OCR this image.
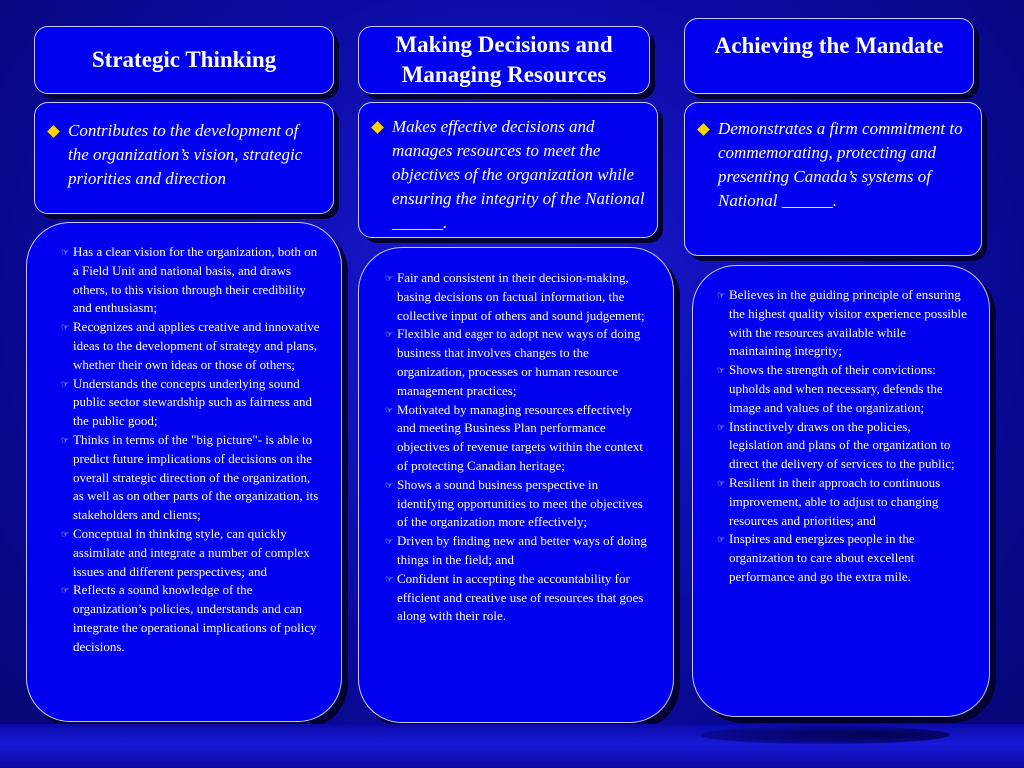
Strategic Thinking
Contributes to the development of the organization’s vision, strategic priorities and direction
☞ Has a clear vision for the organization, both on a Field Unit and national basis, and draws others, to this vision through their credibility and enthusiasm;
☞ Recognizes and applies creative and innovative ideas to the development of strategy and plans, whether their own ideas or those of others;
☞ Understands the concepts underlying sound public sector stewardship such as fairness and the public good;
☞ Thinks in terms of the "big picture"- is able to predict future implications of decisions on the overall strategic direction of the organization, as well as on other parts of the organization, its stakeholders and clients;
☞ Conceptual in thinking style, can quickly assimilate and integrate a number of complex issues and different perspectives; and
☞ Reflects a sound knowledge of the organization’s policies, understands and can integrate the operational implications of policy decisions.
Making Decisions and Managing Resources
Makes effective decisions and manages resources to meet the objectives of the organization while ensuring the integrity of the National ______.
☞ Fair and consistent in their decision-making, basing decisions on factual information, the collective input of others and sound judgement;
☞ Flexible and eager to adopt new ways of doing business that involves changes to the organization, processes or human resource management practices;
☞ Motivated by managing resources effectively and meeting Business Plan performance objectives of revenue targets within the context of protecting Canadian heritage;
☞ Shows a sound business perspective in identifying opportunities to meet the objectives of the organization more effectively;
☞ Driven by finding new and better ways of doing things in the field; and
☞ Confident in accepting the accountability for efficient and creative use of resources that goes along with their role.
Achieving the Mandate
Demonstrates a firm commitment to commemorating, protecting and presenting Canada’s systems of National ______.
☞ Believes in the guiding principle of ensuring the highest quality visitor experience possible with the resources available while maintaining integrity;
☞ Shows the strength of their convictions: upholds and when necessary, defends the image and values of the organization;
☞ Instinctively draws on the policies, legislation and plans of the organization to direct the delivery of services to the public;
☞ Resilient in their approach to continuous improvement, able to adjust to changing resources and priorities; and
☞ Inspires and energizes people in the organization to care about excellent performance and go the extra mile.
